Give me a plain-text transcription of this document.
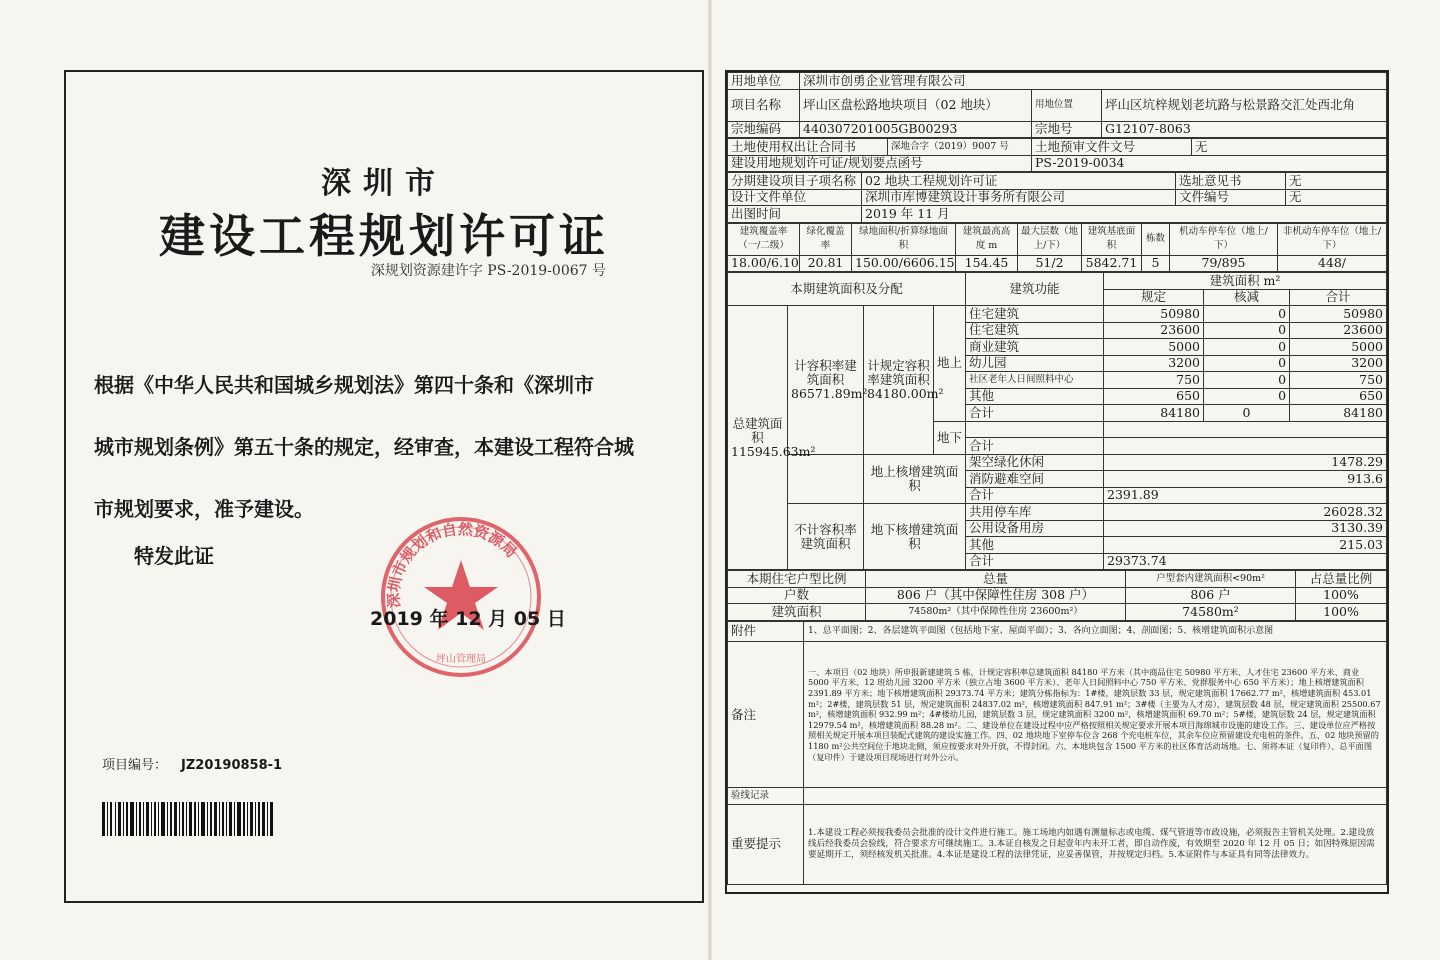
深圳市
建设工程规划许可证
深规划资源建许字 PS-2019-0067 号

根据《中华人民共和国城乡规划法》第四十条和《深圳市

城市规划条例》第五十条的规定，经审查，本建设工程符合城

市规划要求，准予建设。

特发此证
深圳市规划和自然资源局
坪山管理局
2019 年 12 月 05 日
项目编号： JZ20190858-1
用地单位	深圳市创勇企业管理有限公司		
项目名称	坪山区盘松路地块项目（02 地块）	用地位置	坪山区坑梓规划老坑路与松景路交汇处西北角
宗地编码	440307201005GB00293	宗地号	G12107-8063
土地使用权出让合同书	深地合字（2019）9007 号	土地预审文件文号	无
建设用地规划许可证/规划要点函号		PS-2019-0034	
分期建设项目子项名称	02 地块工程规划许可证	选址意见书	无
设计文件单位	深圳市库博建筑设计事务所有限公司	文件编号	无
出图时间	2019 年 11 月		
建筑覆盖率（一/二级）	绿化覆盖率	绿地面积/折算绿地面积	建筑最高高度 m	最大层数（地上/下）	建筑基底面积	栋数	机动车停车位（地上/下）	非机动车停车位（地上/下）
18.00/6.10	20.81	150.00/6606.15	154.45	51/2	5842.71	5	79/895	448/
本期建筑面积及分配				建筑功能	建筑面积 m²		
					规定	核减	合计
总建筑面积115945.63m²	计容积率建筑面积86571.89m²	计规定容积率建筑面积84180.00m²	地上	住宅建筑	50980	0	50980
				住宅建筑	23600	0	23600
				商业建筑	5000	0	5000
				幼儿园	3200	0	3200
				社区老年人日间照料中心	750	0	750
				其他	650	0	650
				合计	84180	0	84180
			地下				
				合计			
		地上核增建筑面积		架空绿化休闲	1478.29		
				消防避难空间	913.6		
				合计	2391.89		
	不计容积率建筑面积	地下核增建筑面积		共用停车库	26028.32		
				公用设备用房	3130.39		
				其他	215.03		
				合计	29373.74		
本期住宅户型比例	总量	户型套内建筑面积<90m²	占总量比例
户数	806 户（其中保障性住房 308 户）	806 户	100%
建筑面积	74580m²（其中保障性住房 23600m²）	74580m²	100%
附件	1、总平面图；2、各层建筑平面图（包括地下室、屋面平面）；3、各向立面图；4、剖面图；5、核增建筑面积示意图
备注	一、本项目（02 地块）所申报新建建筑 5 栋，计规定容积率总建筑面积 84180 平方米（其中商品住宅 50980 平方米、人才住宅 23600 平方米、商业 5000 平方米、12 班幼儿园 3200 平方米（独立占地 3600 平方米）、老年人日间照料中心 750 平方米、党群服务中心 650 平方米）；地上核增建筑面积 2391.89 平方米；地下核增建筑面积 29373.74 平方米；建筑分栋指标为：1#楼，建筑层数 33 层，规定建筑面积 17662.77 m²，核增建筑面积 453.01 m²；2#楼，建筑层数 51 层，规定建筑面积 24837.02 m²，核增建筑面积 847.91 m²；3#楼（主要为人才房），建筑层数 48 层，规定建筑面积 25500.67 m²，核增建筑面积 932.99 m²；4#楼幼儿园，建筑层数 3 层，规定建筑面积 3200 m²，核增建筑面积 69.70 m²；5#楼，建筑层数 24 层，规定建筑面积 12979.54 m²，核增建筑面积 88.28 m²。二、建设单位在建设过程中应严格按照相关规定要求开展本项目海绵城市设施的建设工作。三、建设单位应严格按照相关规定开展本项目装配式建筑的建设实施工作。四、02 地块地下室停车位含 268 个充电桩车位，其余车位应预留建设充电桩的条件。五、02 地块预留的 1180 m²公共空间位于地块北侧，须应按要求对外开放，不得封闭。六、本地块包含 1500 平方米的社区体育活动场地。七、须将本证（复印件）、总平面图（复印件）于建设项目现场进行对外公示。
验线记录	
重要提示	1.本建设工程必须按我委员会批准的设计文件进行施工。施工场地内如遇有测量标志或电缆、煤气管道等市政设施，必须报告主管机关处理。2.建设放线后经我委员会验线，符合要求方可继续施工。3.本证自核发之日起壹年内未开工者，即自动作废，有效期至 2020 年 12 月 05 日；如因特殊原因需要延期开工，须经核发机关批准。4.本证是建设工程的法律凭证，应妥善保管，并按规定归档。5.本证附件与本证具有同等法律效力。
